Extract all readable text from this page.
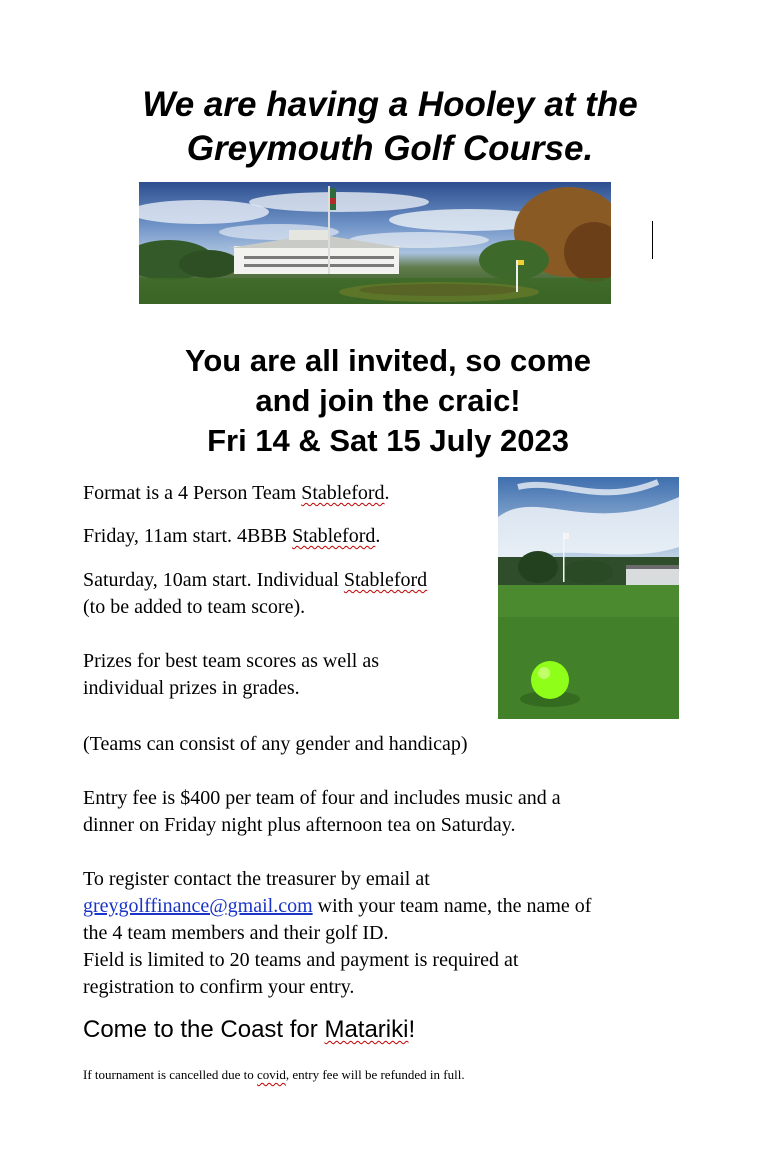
We are having a Hooley at the
Greymouth Golf Course.
You are all invited, so come
and join the craic!
Fri 14 & Sat 15 July 2023

Format is a 4 Person Team Stableford.

Friday, 11am start. 4BBB Stableford.

Saturday, 10am start. Individual Stableford
(to be added to team score).

Prizes for best team scores as well as
individual prizes in grades.

(Teams can consist of any gender and handicap)

Entry fee is $400 per team of four and includes music and a
dinner on Friday night plus afternoon tea on Saturday.

To register contact the treasurer by email at
greygolffinance@gmail.com with your team name, the name of
the 4 team members and their golf ID.
Field is limited to 20 teams and payment is required at
registration to confirm your entry.

Come to the Coast for Matariki!

If tournament is cancelled due to covid, entry fee will be refunded in full.
